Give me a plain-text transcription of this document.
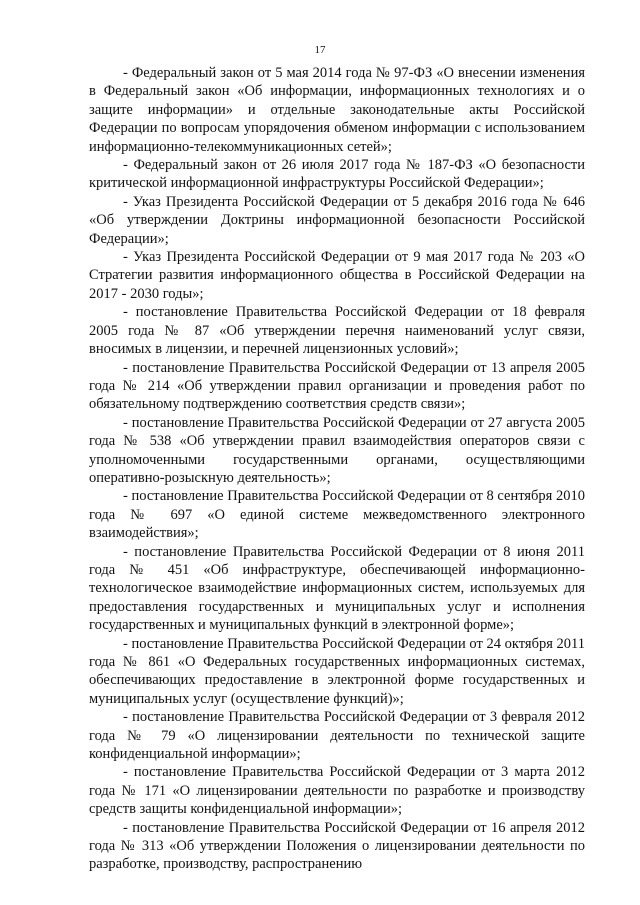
17

- Федеральный закон от 5 мая 2014 года № 97-ФЗ «О внесении изменения в Федеральный закон «Об информации, информационных технологиях и о защите информации» и отдельные законодательные акты Российской Федерации по вопросам упорядочения обменом информации с использованием информационно-телекоммуникационных сетей»;

- Федеральный закон от 26 июля 2017 года № 187-ФЗ «О безопасности критической информационной инфраструктуры Российской Федерации»;

- Указ Президента Российской Федерации от 5 декабря 2016 года № 646 «Об утверждении Доктрины информационной безопасности Российской Федерации»;

- Указ Президента Российской Федерации от 9 мая 2017 года № 203 «О Стратегии развития информационного общества в Российской Федерации на 2017 - 2030 годы»;

- постановление Правительства Российской Федерации от 18 февраля 2005 года № 87 «Об утверждении перечня наименований услуг связи, вносимых в лицензии, и перечней лицензионных условий»;

- постановление Правительства Российской Федерации от 13 апреля 2005 года № 214 «Об утверждении правил организации и проведения работ по обязательному подтверждению соответствия средств связи»;

- постановление Правительства Российской Федерации от 27 августа 2005 года № 538 «Об утверждении правил взаимодействия операторов связи с уполномоченными государственными органами, осуществляющими оперативно-розыскную деятельность»;

- постановление Правительства Российской Федерации от 8 сентября 2010 года № 697 «О единой системе межведомственного электронного взаимодействия»;

- постановление Правительства Российской Федерации от 8 июня 2011 года № 451 «Об инфраструктуре, обеспечивающей информационно-технологическое взаимодействие информационных систем, используемых для предоставления государственных и муниципальных услуг и исполнения государственных и муниципальных функций в электронной форме»;

- постановление Правительства Российской Федерации от 24 октября 2011 года № 861 «О Федеральных государственных информационных системах, обеспечивающих предоставление в электронной форме государственных и муниципальных услуг (осуществление функций)»;

- постановление Правительства Российской Федерации от 3 февраля 2012 года № 79 «О лицензировании деятельности по технической защите конфиденциальной информации»;

- постановление Правительства Российской Федерации от 3 марта 2012 года № 171 «О лицензировании деятельности по разработке и производству средств защиты конфиденциальной информации»;

- постановление Правительства Российской Федерации от 16 апреля 2012 года № 313 «Об утверждении Положения о лицензировании деятельности по разработке, производству, распространению
